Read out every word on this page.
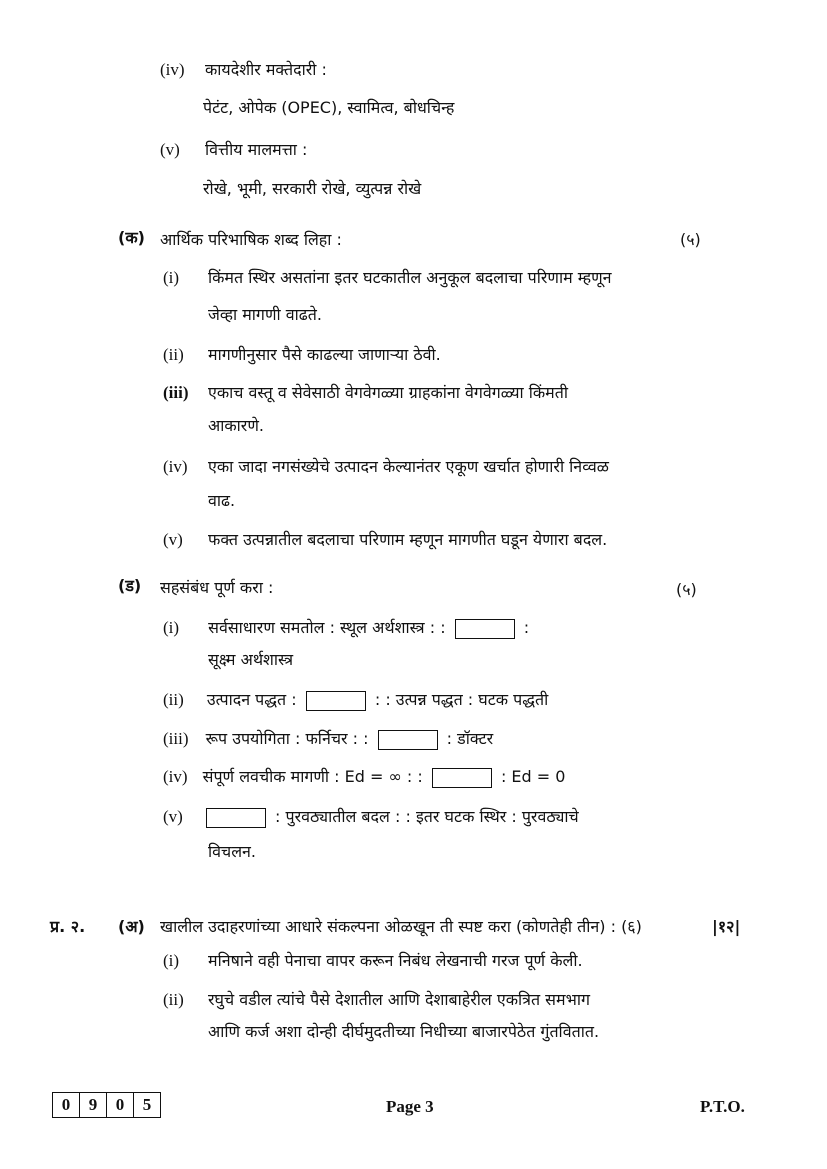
(iv) कायदेशीर मक्तेदारी :
पेटंट, ओपेक (OPEC), स्वामित्व, बोधचिन्ह
(v) वित्तीय मालमत्ता :
रोखे, भूमी, सरकारी रोखे, व्युत्पन्न रोखे
(क) आर्थिक परिभाषिक शब्द लिहा :	(५)
(i) किंमत स्थिर असतांना इतर घटकातील अनुकूल बदलाचा परिणाम म्हणून
जेव्हा मागणी वाढते.
(ii) मागणीनुसार पैसे काढल्या जाणाऱ्या ठेवी.
(iii) एकाच वस्तू व सेवेसाठी वेगवेगळ्या ग्राहकांना वेगवेगळ्या किंमती
आकारणे.
(iv) एका जादा नगसंख्येचे उत्पादन केल्यानंतर एकूण खर्चात होणारी निव्वळ
वाढ.
(v) फक्त उत्पन्नातील बदलाचा परिणाम म्हणून मागणीत घडून येणारा बदल.
(ड) सहसंबंध पूर्ण करा :	(५)
(i) सर्वसाधारण समतोल : स्थूल अर्थशास्त्र : :	:
सूक्ष्म अर्थशास्त्र
(ii) उत्पादन पद्धत :	: : उत्पन्न पद्धत : घटक पद्धती
(iii) रूप उपयोगिता : फर्निचर : :	: डॉक्टर
(iv) संपूर्ण लवचीक मागणी : Ed = ∞ : :	: Ed = 0
(v)	: पुरवठ्यातील बदल : : इतर घटक स्थिर : पुरवठ्याचे
विचलन.
प्र. २. (अ) खालील उदाहरणांच्या आधारे संकल्पना ओळखून ती स्पष्ट करा (कोणतेही तीन) : (६)	|१२|
(i) मनिषाने वही पेनाचा वापर करून निबंध लेखनाची गरज पूर्ण केली.
(ii) रघुचे वडील त्यांचे पैसे देशातील आणि देशाबाहेरील एकत्रित समभाग
आणि कर्ज अशा दोन्ही दीर्घमुदतीच्या निधीच्या बाजारपेठेत गुंतवितात.
0	9	0	5	Page 3	P.T.O.
